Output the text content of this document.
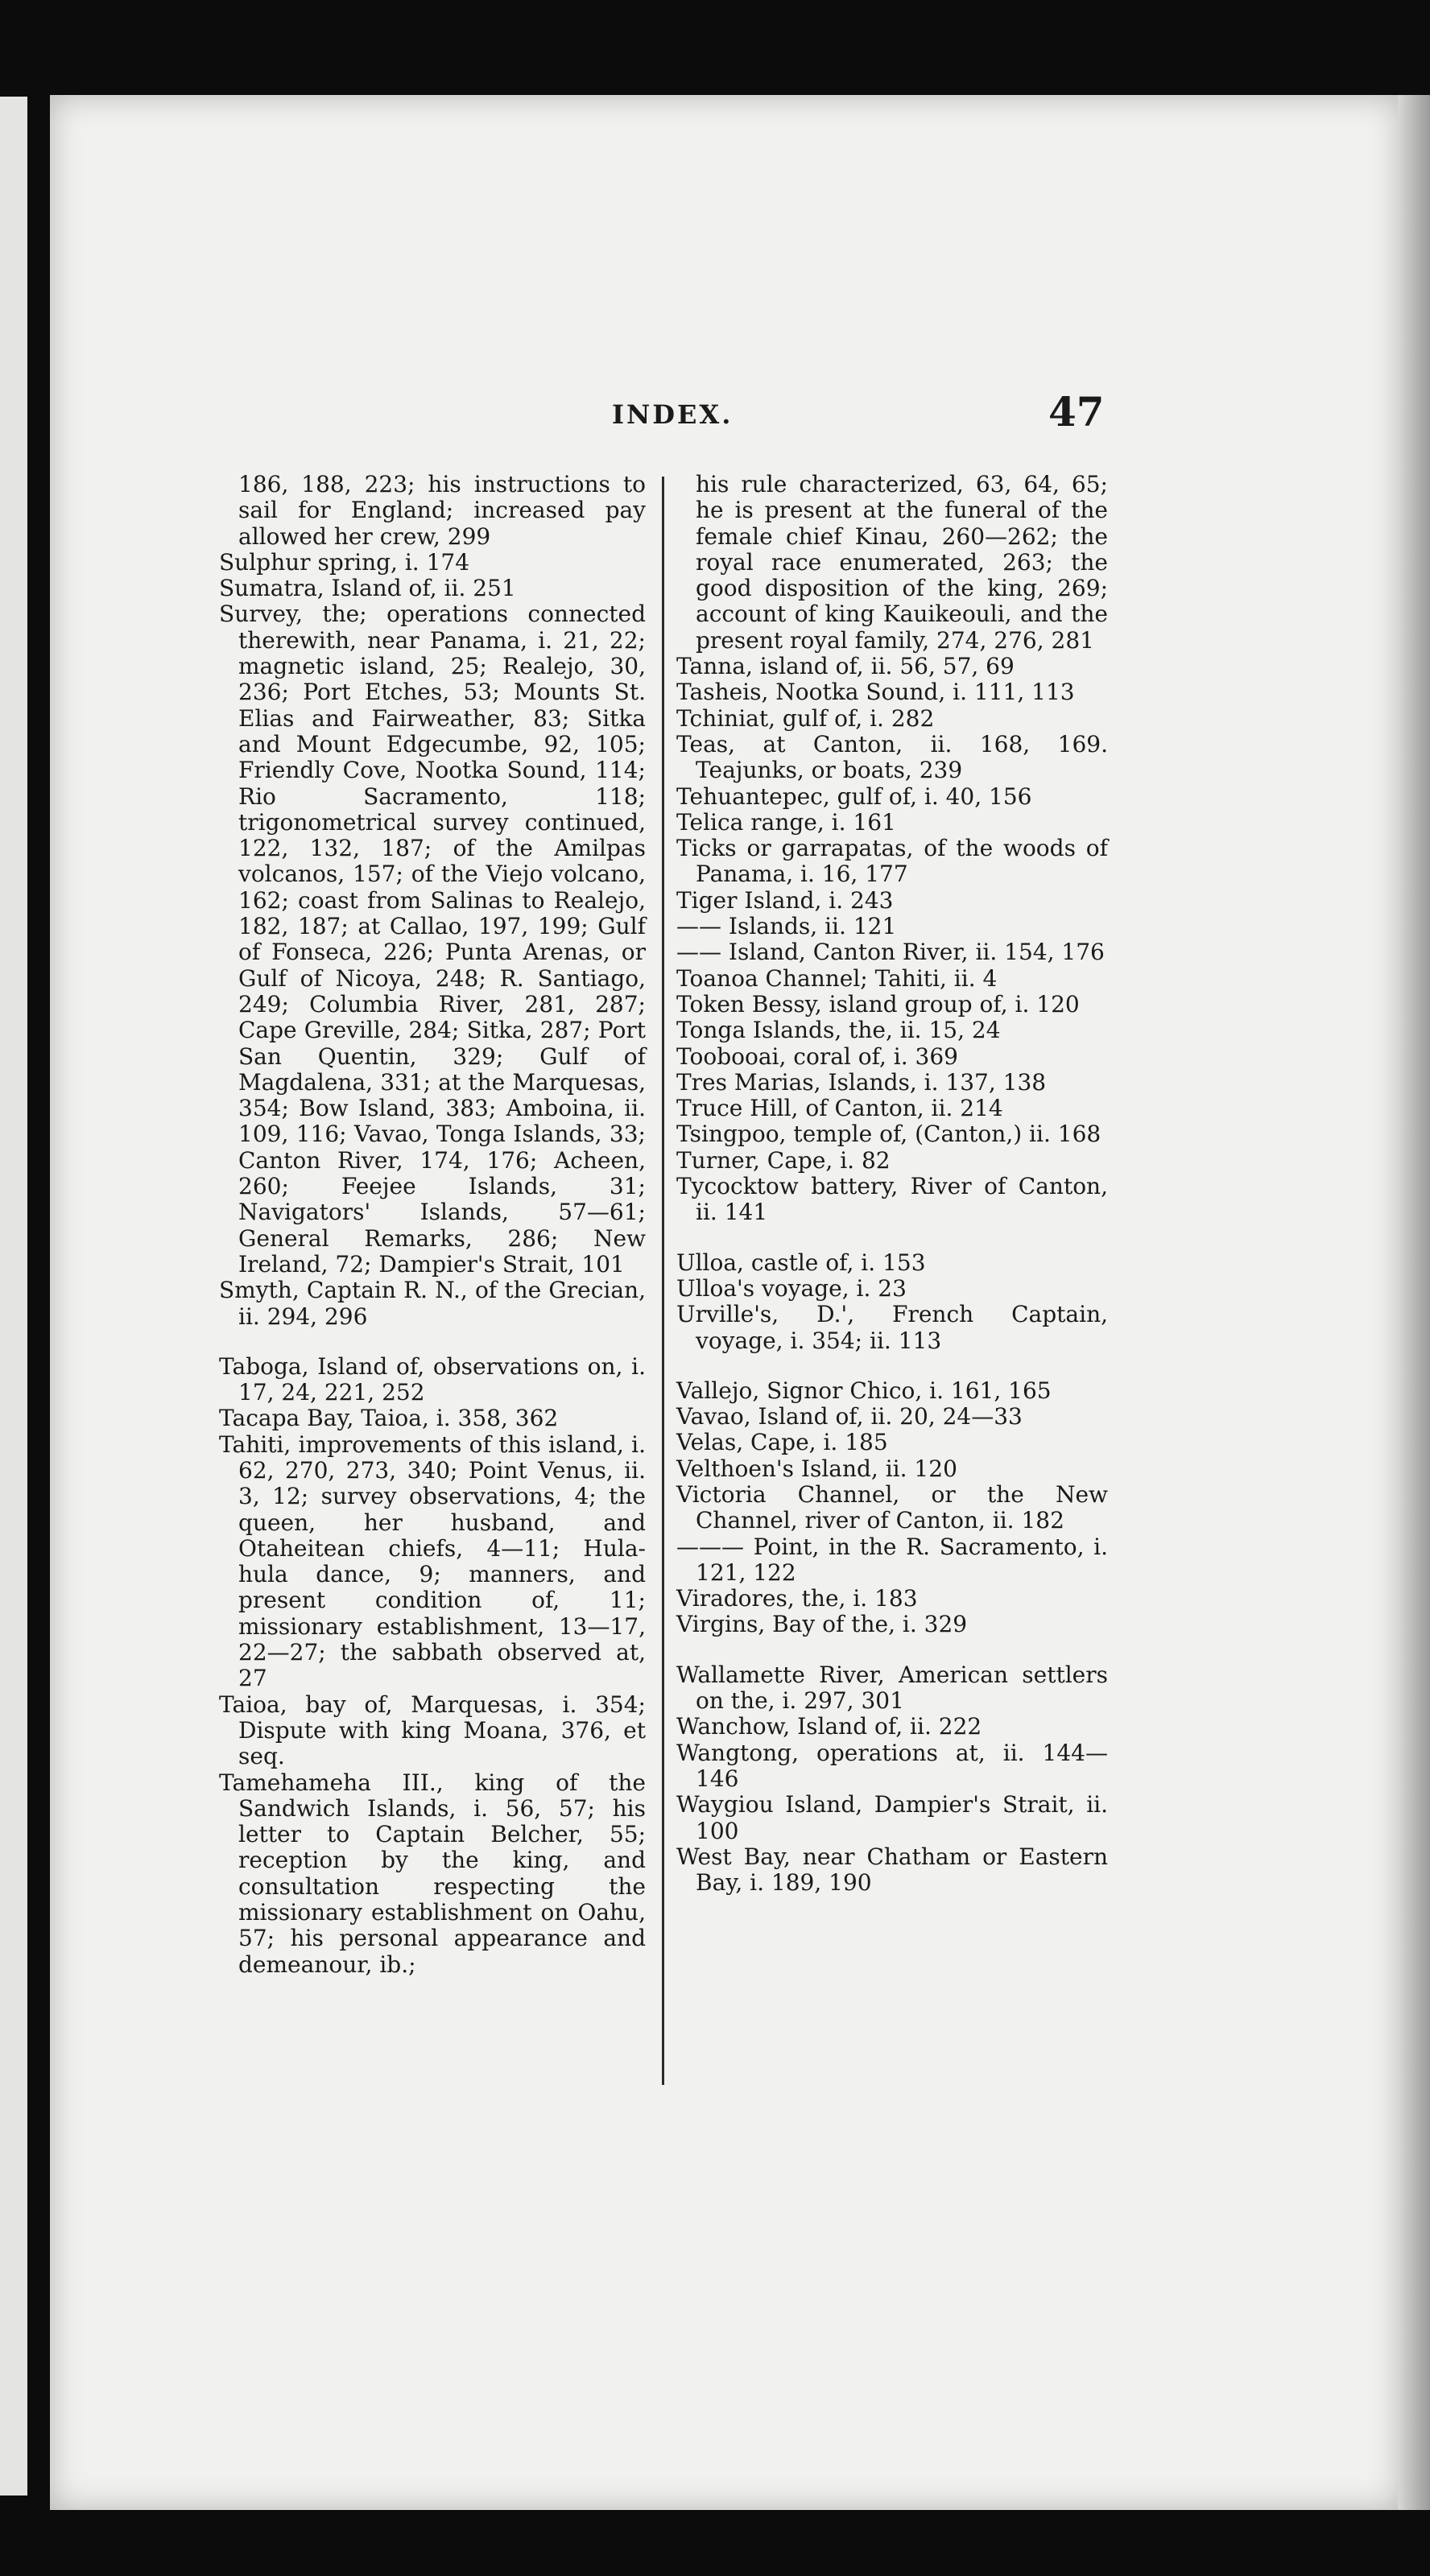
INDEX.	47

186, 188, 223; his instructions to sail for England; increased pay allowed her crew, 299

Sulphur spring, i. 174

Sumatra, Island of, ii. 251

Survey, the; operations connected therewith, near Panama, i. 21, 22; magnetic island, 25; Realejo, 30, 236; Port Etches, 53; Mounts St. Elias and Fairweather, 83; Sitka and Mount Edgecumbe, 92, 105; Friendly Cove, Nootka Sound, 114; Rio Sacramento, 118; trigonometrical survey continued, 122, 132, 187; of the Amilpas volcanos, 157; of the Viejo volcano, 162; coast from Salinas to Realejo, 182, 187; at Callao, 197, 199; Gulf of Fonseca, 226; Punta Arenas, or Gulf of Nicoya, 248; R. Santiago, 249; Columbia River, 281, 287; Cape Greville, 284; Sitka, 287; Port San Quentin, 329; Gulf of Magdalena, 331; at the Marquesas, 354; Bow Island, 383; Amboina, ii. 109, 116; Vavao, Tonga Islands, 33; Canton River, 174, 176; Acheen, 260; Feejee Islands, 31; Navigators' Islands, 57—61; General Remarks, 286; New Ireland, 72; Dampier's Strait, 101

Smyth, Captain R. N., of the Grecian, ii. 294, 296

Taboga, Island of, observations on, i. 17, 24, 221, 252

Tacapa Bay, Taioa, i. 358, 362

Tahiti, improvements of this island, i. 62, 270, 273, 340; Point Venus, ii. 3, 12; survey observations, 4; the queen, her husband, and Otaheitean chiefs, 4—11; Hula-hula dance, 9; manners, and present condition of, 11; missionary establishment, 13—17, 22—27; the sabbath observed at, 27

Taioa, bay of, Marquesas, i. 354; Dispute with king Moana, 376, et seq.

Tamehameha III., king of the Sandwich Islands, i. 56, 57; his letter to Captain Belcher, 55; reception by the king, and consultation respecting the missionary establishment on Oahu, 57; his personal appearance and demeanour, ib.;

his rule characterized, 63, 64, 65; he is present at the funeral of the female chief Kinau, 260—262; the royal race enumerated, 263; the good disposition of the king, 269; account of king Kauikeouli, and the present royal family, 274, 276, 281

Tanna, island of, ii. 56, 57, 69

Tasheis, Nootka Sound, i. 111, 113

Tchiniat, gulf of, i. 282

Teas, at Canton, ii. 168, 169. Teajunks, or boats, 239

Tehuantepec, gulf of, i. 40, 156

Telica range, i. 161

Ticks or garrapatas, of the woods of Panama, i. 16, 177

Tiger Island, i. 243

—— Islands, ii. 121

—— Island, Canton River, ii. 154, 176

Toanoa Channel; Tahiti, ii. 4

Token Bessy, island group of, i. 120

Tonga Islands, the, ii. 15, 24

Toobooai, coral of, i. 369

Tres Marias, Islands, i. 137, 138

Truce Hill, of Canton, ii. 214

Tsingpoo, temple of, (Canton,) ii. 168

Turner, Cape, i. 82

Tycocktow battery, River of Canton, ii. 141

Ulloa, castle of, i. 153

Ulloa's voyage, i. 23

Urville's, D.', French Captain, voyage, i. 354; ii. 113

Vallejo, Signor Chico, i. 161, 165

Vavao, Island of, ii. 20, 24—33

Velas, Cape, i. 185

Velthoen's Island, ii. 120

Victoria Channel, or the New Channel, river of Canton, ii. 182

——— Point, in the R. Sacramento, i. 121, 122

Viradores, the, i. 183

Virgins, Bay of the, i. 329

Wallamette River, American settlers on the, i. 297, 301

Wanchow, Island of, ii. 222

Wangtong, operations at, ii. 144—146

Waygiou Island, Dampier's Strait, ii. 100

West Bay, near Chatham or Eastern Bay, i. 189, 190
